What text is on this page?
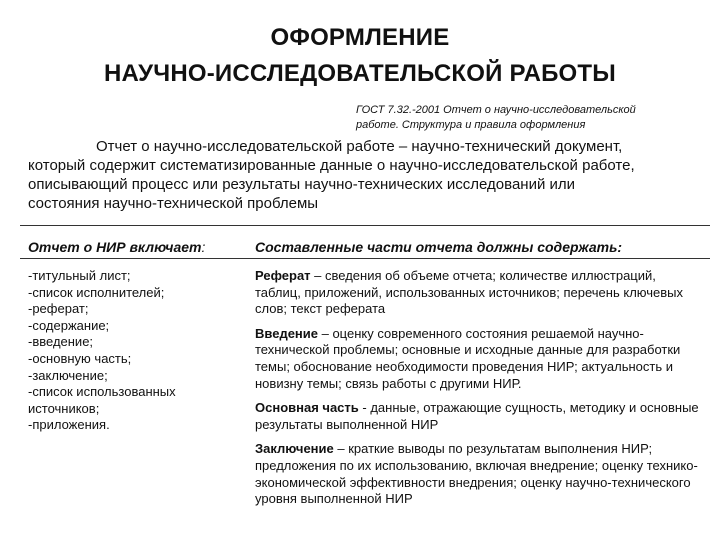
ОФОРМЛЕНИЕ
НАУЧНО-ИССЛЕДОВАТЕЛЬСКОЙ РАБОТЫ
ГОСТ 7.32.-2001 Отчет о научно-исследовательской
работе. Структура и правила оформления
Отчет о научно-исследовательской работе – научно-технический документ,
который содержит систематизированные данные о научно-исследовательской работе,
описывающий процесс или результаты научно-технических исследований или
состояния научно-технической проблемы
Отчет о НИР включает:	Составленные части отчета должны содержать:
-титульный лист;
-список исполнителей;
-реферат;
-содержание;
-введение;
-основную часть;
-заключение;
-список использованных источников;
-приложения.
Реферат – сведения об объеме отчета; количестве иллюстраций, таблиц, приложений, использованных источников; перечень ключевых слов; текст реферата
Введение – оценку современного состояния решаемой научно-технической проблемы; основные и исходные данные для разработки темы; обоснование необходимости проведения НИР; актуальность и новизну темы; связь работы с другими НИР.
Основная часть - данные, отражающие сущность, методику и основные результаты выполненной НИР
Заключение – краткие выводы по результатам выполнения НИР; предложения по их использованию, включая внедрение; оценку технико-экономической эффективности внедрения; оценку научно-технического уровня выполненной НИР
